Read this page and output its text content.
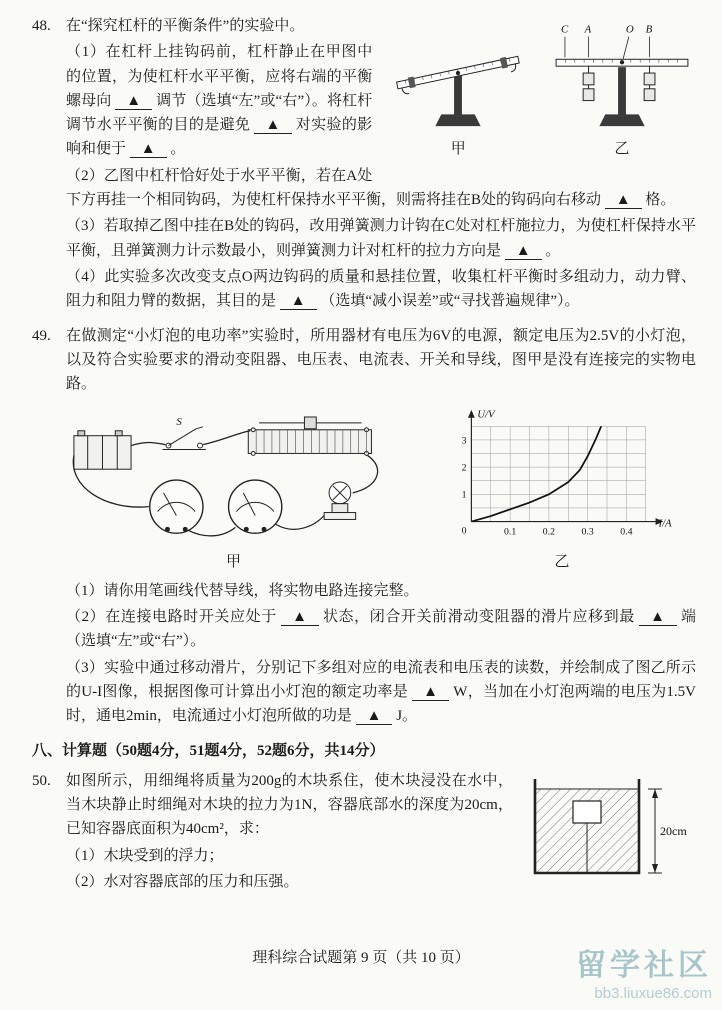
48.
甲

C A	O B
乙

在“探究杠杆的平衡条件”的实验中。

（1）在杠杆上挂钩码前，杠杆静止在甲图中的位置，为使杠杆水平平衡，应将右端的平衡螺母向 ▲ 调节（选填“左”或“右”）。将杠杆调节水平平衡的目的是避免 ▲ 对实验的影响和便于 ▲ 。

（2）乙图中杠杆恰好处于水平平衡，若在A处下方再挂一个相同钩码，为使杠杆保持水平平衡，则需将挂在B处的钩码向右移动 ▲ 格。

（3）若取掉乙图中挂在B处的钩码，改用弹簧测力计钩在C处对杠杆施拉力，为使杠杆保持水平平衡，且弹簧测力计示数最小，则弹簧测力计对杠杆的拉力方向是 ▲ 。

（4）此实验多次改变支点O两边钩码的质量和悬挂位置，收集杠杆平衡时多组动力，动力臂、阻力和阻力臂的数据，其目的是 ▲ （选填“减小误差”或“寻找普遍规律”）。

49. 在做测定“小灯泡的电功率”实验时，所用器材有电压为6V的电源，额定电压为2.5V的小灯泡，以及符合实验要求的滑动变阻器、电压表、电流表、开关和导线，图甲是没有连接完的实物电路。

S
甲
0.1	0.2	0.3	0.4
1
2
3
0
U/V
I/A
乙

（1）请你用笔画线代替导线，将实物电路连接完整。

（2）在连接电路时开关应处于 ▲ 状态，闭合开关前滑动变阻器的滑片应移到最 ▲ 端（选填“左”或“右”）。

（3）实验中通过移动滑片，分别记下多组对应的电流表和电压表的读数，并绘制成了图乙所示的U-I图像，根据图像可计算出小灯泡的额定功率是 ▲ W，当加在小灯泡两端的电压为1.5V时，通电2min，电流通过小灯泡所做的功是 ▲ J。

八、计算题（50题4分，51题4分，52题6分，共14分）
50.
20cm

如图所示，用细绳将质量为200g的木块系住，使木块浸没在水中，当木块静止时细绳对木块的拉力为1N，容器底部水的深度为20cm，已知容器底面积为40cm²，求：

（1）木块受到的浮力；

（2）水对容器底部的压力和压强。

理科综合试题第 9 页（共 10 页）	留学社区
bb3.liuxue86.com
